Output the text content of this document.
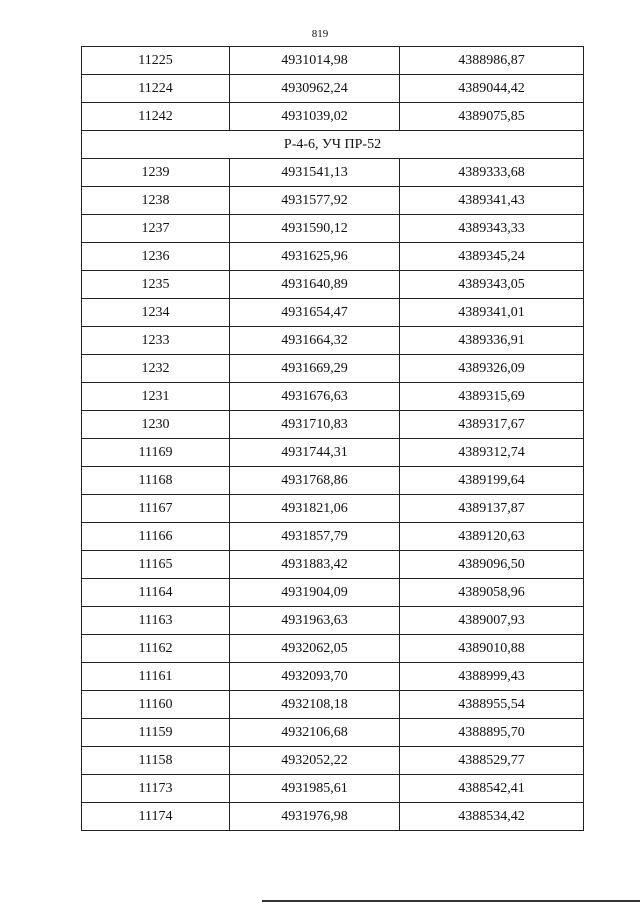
819
11225	4931014,98	4388986,87
11224	4930962,24	4389044,42
11242	4931039,02	4389075,85
Р-4-6, УЧ ПР-52		
1239	4931541,13	4389333,68
1238	4931577,92	4389341,43
1237	4931590,12	4389343,33
1236	4931625,96	4389345,24
1235	4931640,89	4389343,05
1234	4931654,47	4389341,01
1233	4931664,32	4389336,91
1232	4931669,29	4389326,09
1231	4931676,63	4389315,69
1230	4931710,83	4389317,67
11169	4931744,31	4389312,74
11168	4931768,86	4389199,64
11167	4931821,06	4389137,87
11166	4931857,79	4389120,63
11165	4931883,42	4389096,50
11164	4931904,09	4389058,96
11163	4931963,63	4389007,93
11162	4932062,05	4389010,88
11161	4932093,70	4388999,43
11160	4932108,18	4388955,54
11159	4932106,68	4388895,70
11158	4932052,22	4388529,77
11173	4931985,61	4388542,41
11174	4931976,98	4388534,42
